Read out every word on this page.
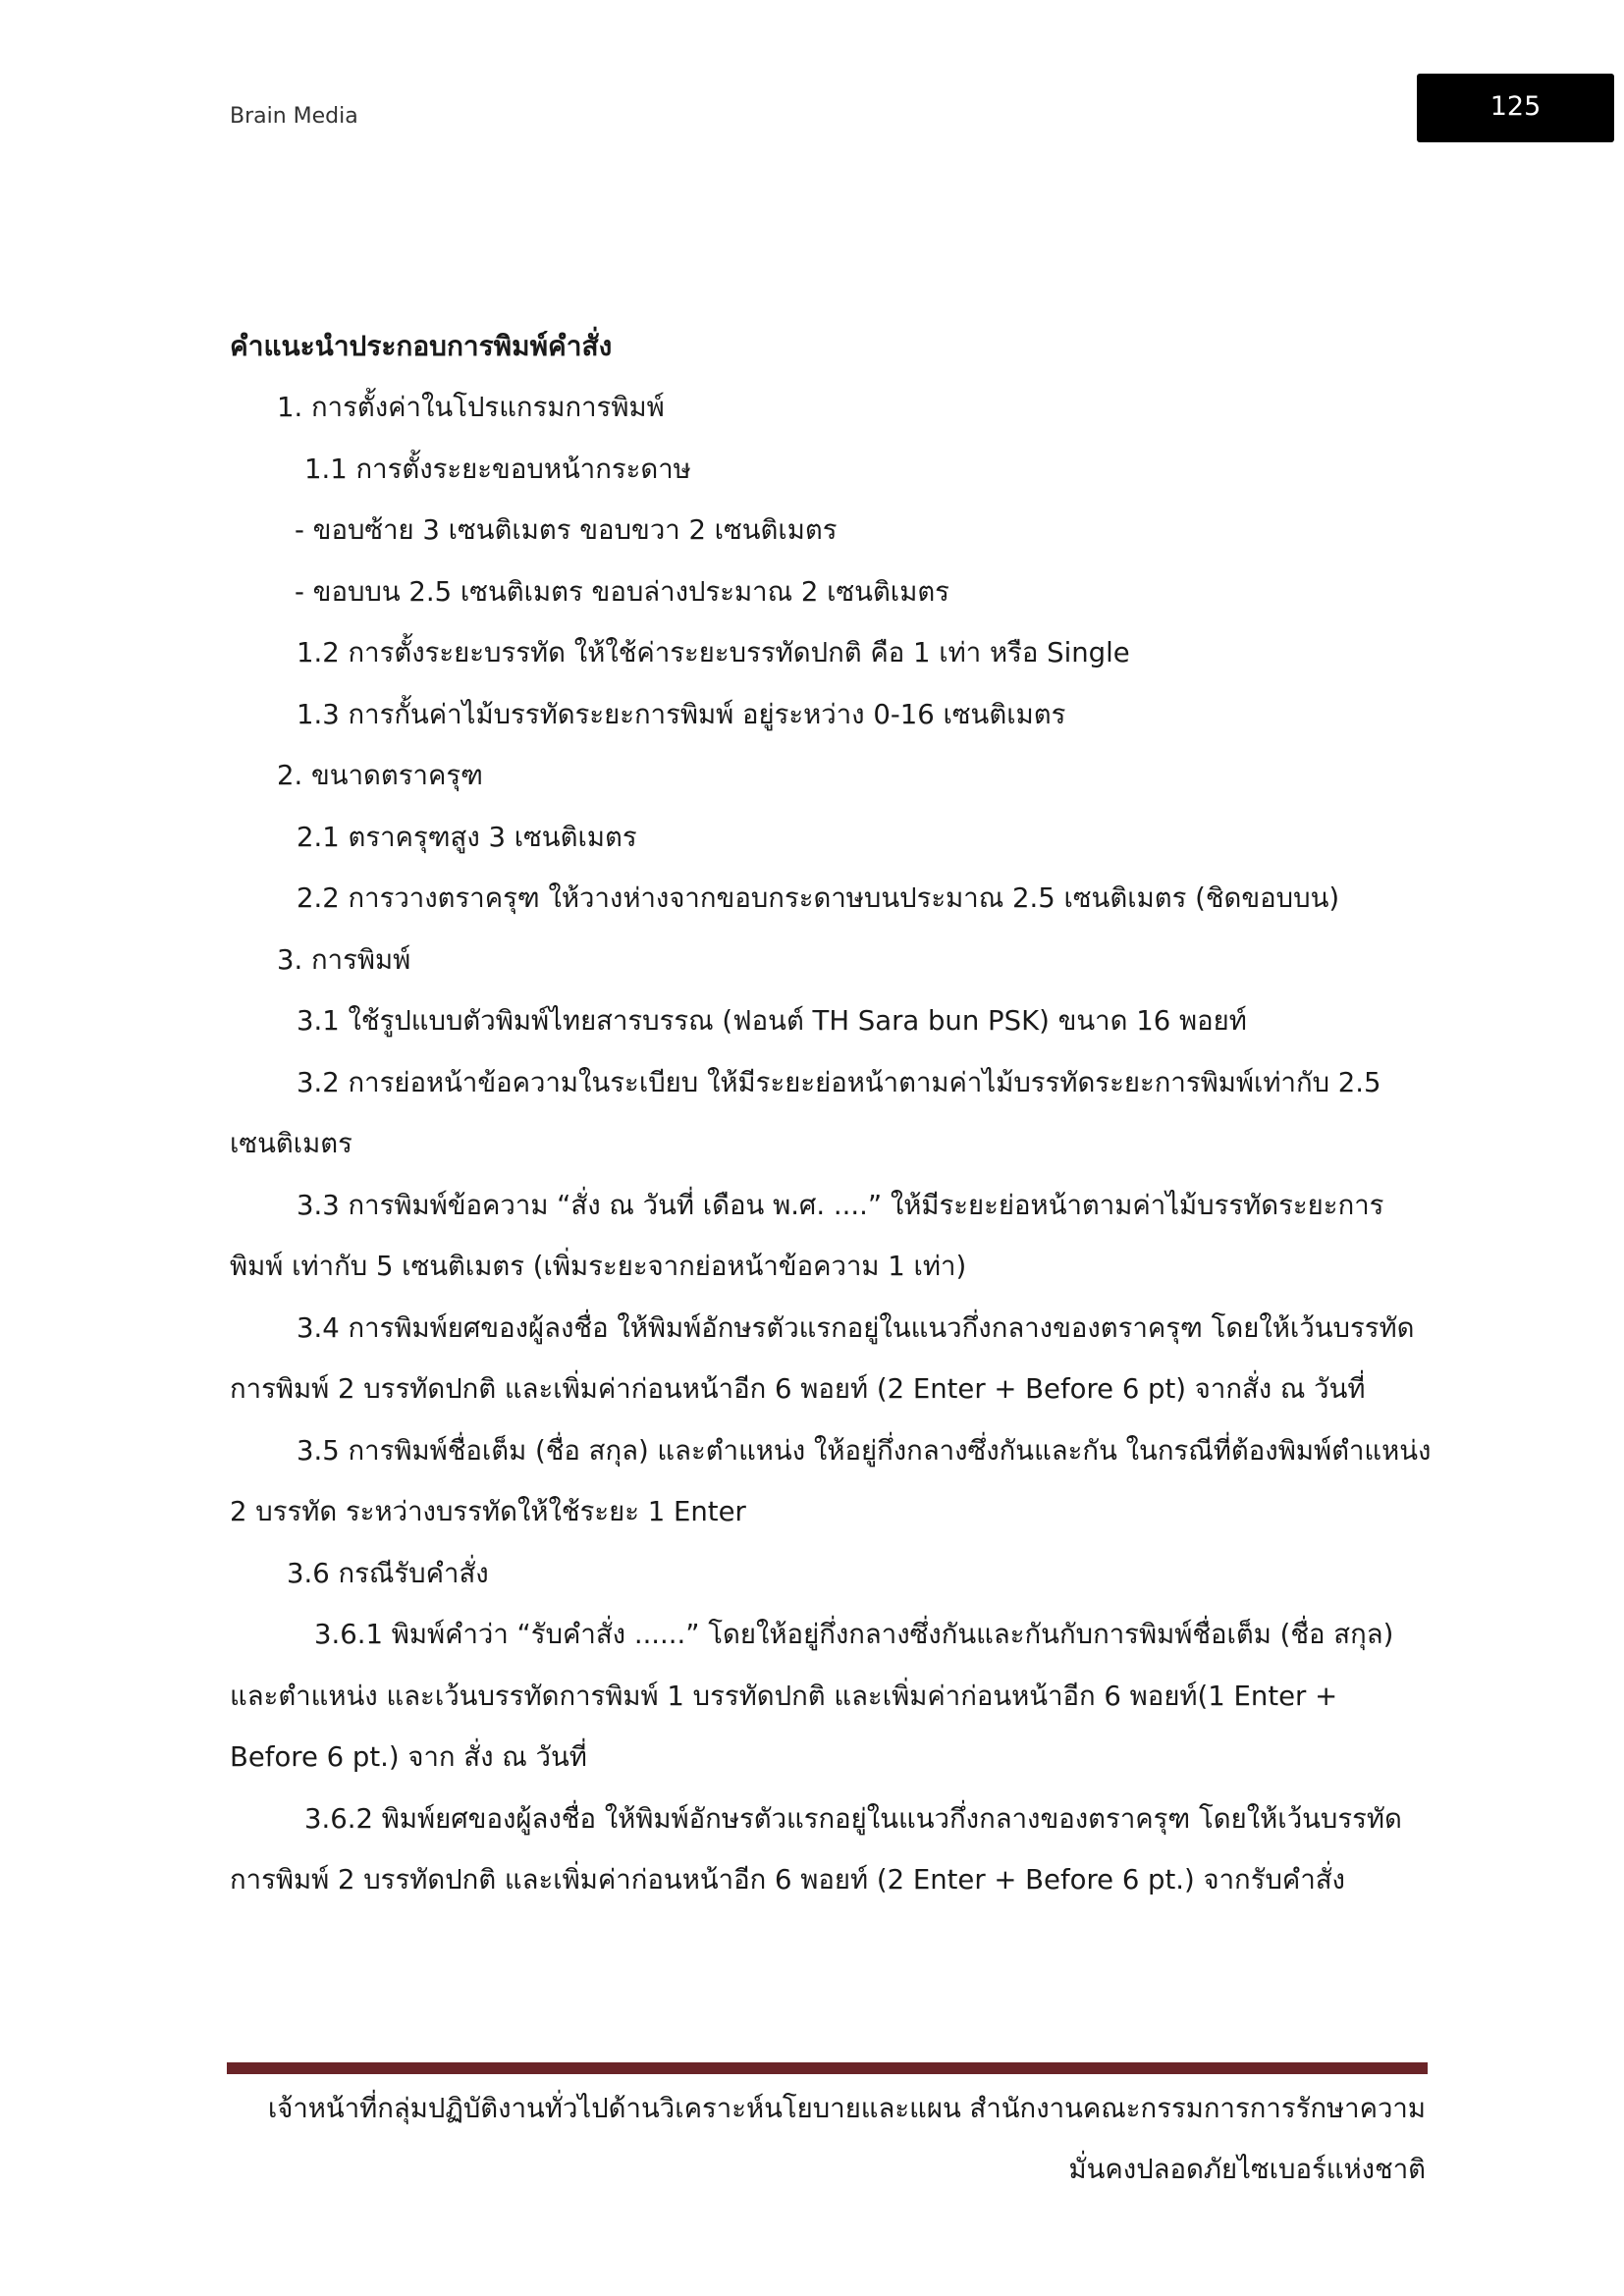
Brain Media	125
คำแนะนำประกอบการพิมพ์คำสั่ง
1. การตั้งค่าในโปรแกรมการพิมพ์
1.1 การตั้งระยะขอบหน้ากระดาษ
- ขอบซ้าย 3 เซนติเมตร ขอบขวา 2 เซนติเมตร
- ขอบบน 2.5 เซนติเมตร ขอบล่างประมาณ 2 เซนติเมตร
1.2 การตั้งระยะบรรทัด ให้ใช้ค่าระยะบรรทัดปกติ คือ 1 เท่า หรือ Single
1.3 การกั้นค่าไม้บรรทัดระยะการพิมพ์ อยู่ระหว่าง 0-16 เซนติเมตร
2. ขนาดตราครุฑ
2.1 ตราครุฑสูง 3 เซนติเมตร
2.2 การวางตราครุฑ ให้วางห่างจากขอบกระดาษบนประมาณ 2.5 เซนติเมตร (ชิดขอบบน)
3. การพิมพ์
3.1 ใช้รูปแบบตัวพิมพ์ไทยสารบรรณ (ฟอนต์ TH Sara bun PSK) ขนาด 16 พอยท์
3.2 การย่อหน้าข้อความในระเบียบ ให้มีระยะย่อหน้าตามค่าไม้บรรทัดระยะการพิมพ์เท่ากับ 2.5
เซนติเมตร
3.3 การพิมพ์ข้อความ “สั่ง ณ วันที่ เดือน พ.ศ. ....” ให้มีระยะย่อหน้าตามค่าไม้บรรทัดระยะการ
พิมพ์ เท่ากับ 5 เซนติเมตร (เพิ่มระยะจากย่อหน้าข้อความ 1 เท่า)
3.4 การพิมพ์ยศของผู้ลงชื่อ ให้พิมพ์อักษรตัวแรกอยู่ในแนวกึ่งกลางของตราครุฑ โดยให้เว้นบรรทัด
การพิมพ์ 2 บรรทัดปกติ และเพิ่มค่าก่อนหน้าอีก 6 พอยท์ (2 Enter + Before 6 pt) จากสั่ง ณ วันที่
3.5 การพิมพ์ชื่อเต็ม (ชื่อ สกุล) และตำแหน่ง ให้อยู่กึ่งกลางซึ่งกันและกัน ในกรณีที่ต้องพิมพ์ตำแหน่ง
2 บรรทัด ระหว่างบรรทัดให้ใช้ระยะ 1 Enter
3.6 กรณีรับคำสั่ง
3.6.1 พิมพ์คำว่า “รับคำสั่ง ......” โดยให้อยู่กึ่งกลางซึ่งกันและกันกับการพิมพ์ชื่อเต็ม (ชื่อ สกุล)
และตำแหน่ง และเว้นบรรทัดการพิมพ์ 1 บรรทัดปกติ และเพิ่มค่าก่อนหน้าอีก 6 พอยท์(1 Enter +
Before 6 pt.) จาก สั่ง ณ วันที่
3.6.2 พิมพ์ยศของผู้ลงชื่อ ให้พิมพ์อักษรตัวแรกอยู่ในแนวกึ่งกลางของตราครุฑ โดยให้เว้นบรรทัด
การพิมพ์ 2 บรรทัดปกติ และเพิ่มค่าก่อนหน้าอีก 6 พอยท์ (2 Enter + Before 6 pt.) จากรับคำสั่ง
เจ้าหน้าที่กลุ่มปฏิบัติงานทั่วไปด้านวิเคราะห์นโยบายและแผน สำนักงานคณะกรรมการการรักษาความ
มั่นคงปลอดภัยไซเบอร์แห่งชาติ
